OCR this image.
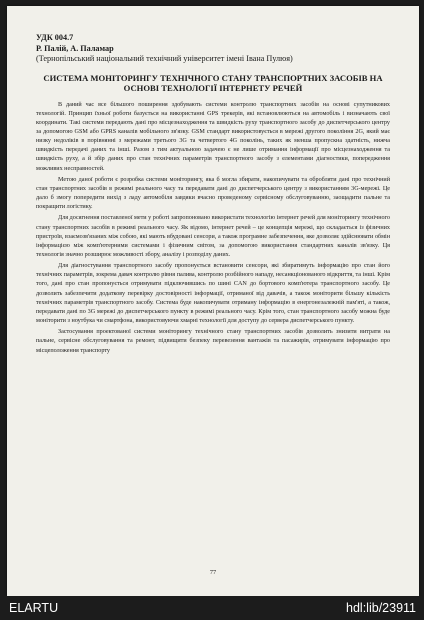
УДК 004.7
Р. Палій, А. Паламар
(Тернопільський національний технічний університет імені Івана Пулюя)
СИСТЕМА МОНІТОРИНГУ ТЕХНІЧНОГО СТАНУ ТРАНСПОРТНИХ ЗАСОБІВ НА ОСНОВІ ТЕХНОЛОГІЇ ІНТЕРНЕТУ РЕЧЕЙ

В даний час все більшого поширення здобувають системи контролю транспортних засобів на основі супутникових технологій. Принцип їхньої роботи базується на використанні GPS трекерів, які встановлюються на автомобіль і визначають свої координати. Такі системи передають дані про місцезнаходження та швидкість руху транспортного засобу до диспетчерського центру за допомогою GSM або GPRS каналів мобільного зв'язку. GSM стандарт використовується в мережі другого покоління 2G, який має низку недоліків в порівнянні з мережами третього 3G та четвертого 4G поколінь, таких як менша пропускна здатність, нижча швидкість передачі даних та інші. Разом з тим актуальною задачею є не лише отримання інформації про місцезнаходження та швидкість руху, а й збір даних про стан технічних параметрів транспортного засобу з елементами діагностики, попередження можливих несправностей.

Метою даної роботи є розробка системи моніторингу, яка б могла збирати, накопичувати та обробляти дані про технічний стан транспортних засобів в режимі реального часу та передавати дані до диспетчерського центру з використанням 3G-мережі. Це дало б змогу попередити вихід з ладу автомобіля завдяки вчасно проведеному сервісному обслуговуванню, заощадити пальне та покращити логістику.

Для досягнення поставленої мети у роботі запропоновано використати технологію інтернет речей для моніторингу технічного стану транспортних засобів в режимі реального часу. Як відомо, інтернет речей – це концепція мережі, що складається із фізичних пристроїв, взаємозв'язаних між собою, які мають вбудовані сенсори, а також програмне забезпечення, яке дозволяє здійснювати обмін інформацією між комп'ютерними системами і фізичним світом, за допомогою використання стандартних каналів зв'язку. Ця технологія значно розширює можливості збору, аналізу і розподілу даних.

Для діагностування транспортного засобу пропонується встановити сенсори, які збиратимуть інформацію про стан його технічних параметрів, зокрема давач контролю рівня палива, контролю розбійного нападу, несанкціонованого відкриття, та інші. Крім того, дані про стан пропонується отримувати підключившись по шині CAN до бортового комп'ютера транспортного засобу. Це дозволить забезпечити додаткову перевірку достовірності інформації, отриманої від давачів, а також моніторити більшу кількість технічних параметрів транспортного засобу. Система буде накопичувати отриману інформацію в енергонезалежній пам'яті, а також, передавати дані по 3G мережі до диспетчерського пункту в режимі реального часу. Крім того, стан транспортного засобу можна буде моніторити з ноутбука чи смартфона, використовуючи хмарні технології для доступу до сервера диспетчерського пункту.

Застосування проектованої системи моніторингу технічного стану транспортних засобів дозволить знизити витрати на пальне, сервісне обслуговування та ремонт, підвищити безпеку перевезення вантажів та пасажирів, отримувати інформацію про місцеположення транспорту

77
ELARTU	hdl:lib/23911
